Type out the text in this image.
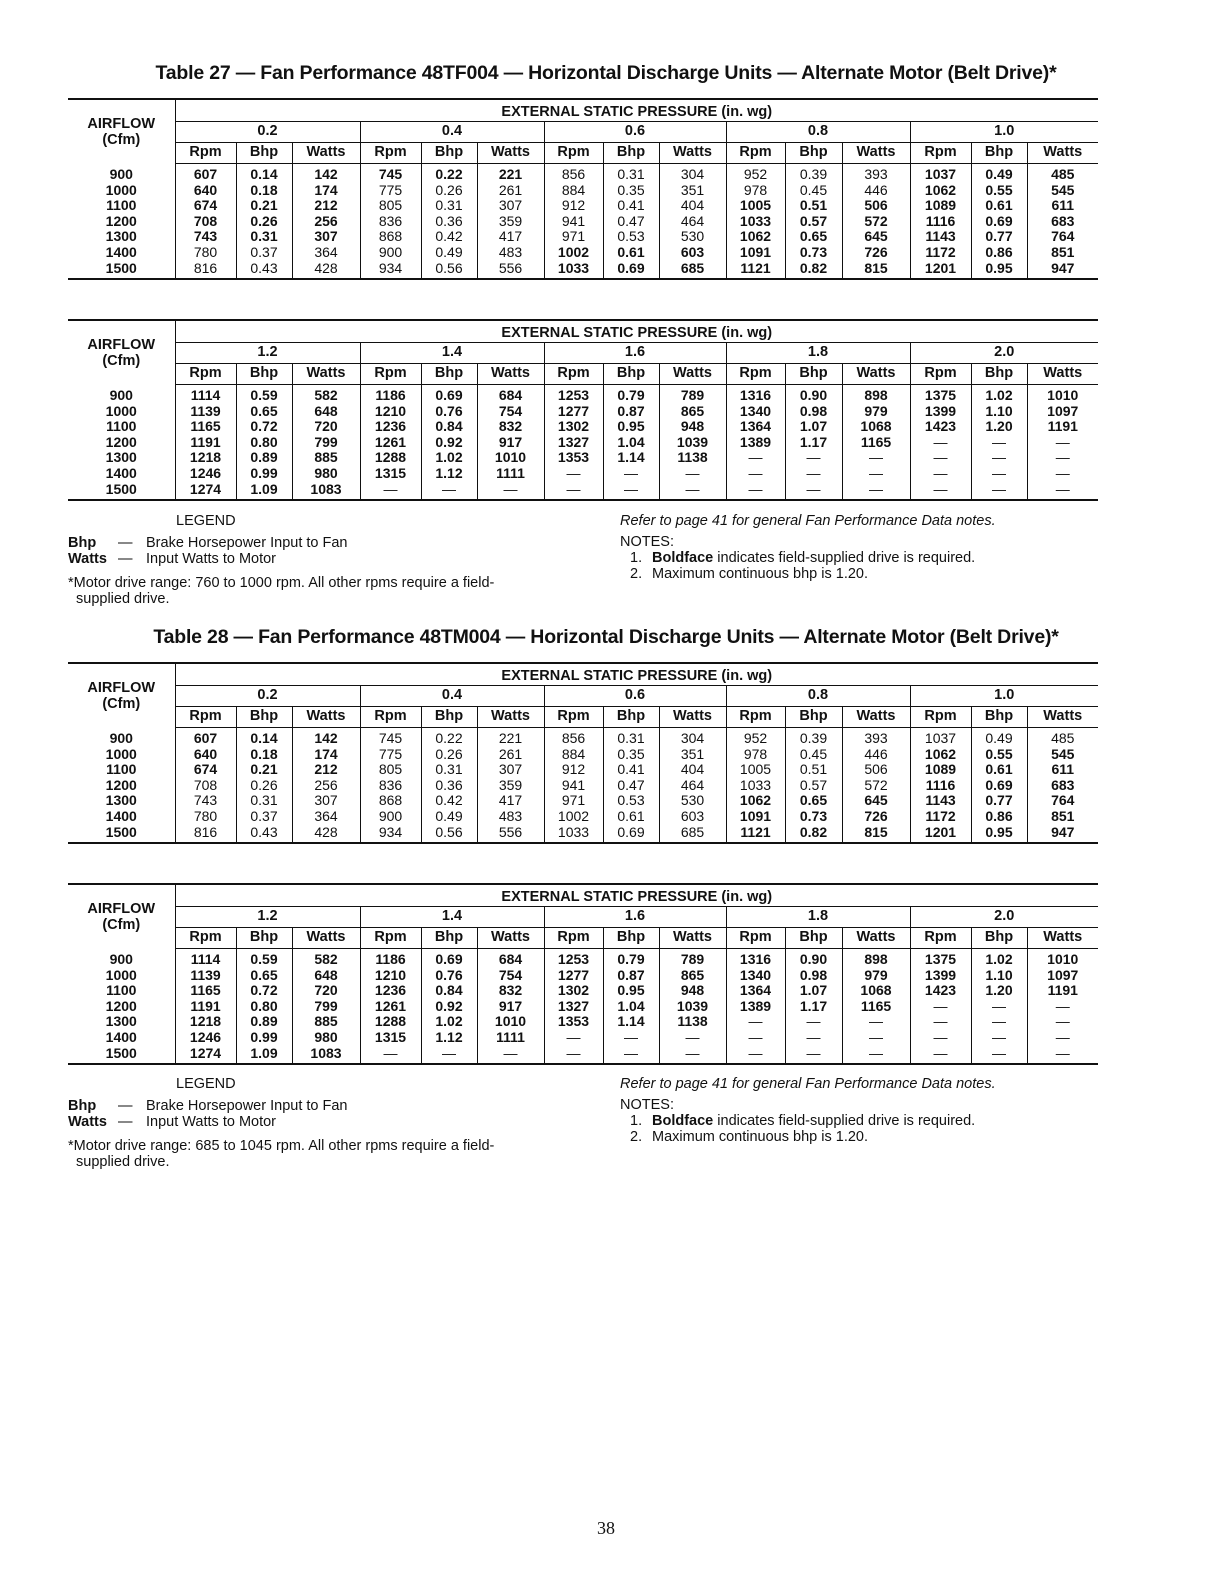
Table 27 — Fan Performance 48TF004 — Horizontal Discharge Units — Alternate Motor (Belt Drive)*
AIRFLOW
(Cfm)	EXTERNAL STATIC PRESSURE (in. wg)														
	0.2			0.4			0.6			0.8			1.0		
	Rpm	Bhp	Watts	Rpm	Bhp	Watts	Rpm	Bhp	Watts	Rpm	Bhp	Watts	Rpm	Bhp	Watts
900	607	0.14	142	745	0.22	221	856	0.31	304	952	0.39	393	1037	0.49	485
1000	640	0.18	174	775	0.26	261	884	0.35	351	978	0.45	446	1062	0.55	545
1100	674	0.21	212	805	0.31	307	912	0.41	404	1005	0.51	506	1089	0.61	611
1200	708	0.26	256	836	0.36	359	941	0.47	464	1033	0.57	572	1116	0.69	683
1300	743	0.31	307	868	0.42	417	971	0.53	530	1062	0.65	645	1143	0.77	764
1400	780	0.37	364	900	0.49	483	1002	0.61	603	1091	0.73	726	1172	0.86	851
1500	816	0.43	428	934	0.56	556	1033	0.69	685	1121	0.82	815	1201	0.95	947
AIRFLOW
(Cfm)	EXTERNAL STATIC PRESSURE (in. wg)														
	1.2			1.4			1.6			1.8			2.0		
	Rpm	Bhp	Watts	Rpm	Bhp	Watts	Rpm	Bhp	Watts	Rpm	Bhp	Watts	Rpm	Bhp	Watts
900	1114	0.59	582	1186	0.69	684	1253	0.79	789	1316	0.90	898	1375	1.02	1010
1000	1139	0.65	648	1210	0.76	754	1277	0.87	865	1340	0.98	979	1399	1.10	1097
1100	1165	0.72	720	1236	0.84	832	1302	0.95	948	1364	1.07	1068	1423	1.20	1191
1200	1191	0.80	799	1261	0.92	917	1327	1.04	1039	1389	1.17	1165	—	—	—
1300	1218	0.89	885	1288	1.02	1010	1353	1.14	1138	—	—	—	—	—	—
1400	1246	0.99	980	1315	1.12	1111	—	—	—	—	—	—	—	—	—
1500	1274	1.09	1083	—	—	—	—	—	—	—	—	—	—	—	—
LEGEND
Bhp	— Brake Horsepower Input to Fan
Watts — Input Watts to Motor
*Motor drive range: 760 to 1000 rpm. All other rpms require a field-
supplied drive.
Refer to page 41 for general Fan Performance Data notes.
NOTES:
1. Boldface indicates field-supplied drive is required.
2. Maximum continuous bhp is 1.20.
Table 28 — Fan Performance 48TM004 — Horizontal Discharge Units — Alternate Motor (Belt Drive)*
AIRFLOW
(Cfm)	EXTERNAL STATIC PRESSURE (in. wg)														
	0.2			0.4			0.6			0.8			1.0		
	Rpm	Bhp	Watts	Rpm	Bhp	Watts	Rpm	Bhp	Watts	Rpm	Bhp	Watts	Rpm	Bhp	Watts
900	607	0.14	142	745	0.22	221	856	0.31	304	952	0.39	393	1037	0.49	485
1000	640	0.18	174	775	0.26	261	884	0.35	351	978	0.45	446	1062	0.55	545
1100	674	0.21	212	805	0.31	307	912	0.41	404	1005	0.51	506	1089	0.61	611
1200	708	0.26	256	836	0.36	359	941	0.47	464	1033	0.57	572	1116	0.69	683
1300	743	0.31	307	868	0.42	417	971	0.53	530	1062	0.65	645	1143	0.77	764
1400	780	0.37	364	900	0.49	483	1002	0.61	603	1091	0.73	726	1172	0.86	851
1500	816	0.43	428	934	0.56	556	1033	0.69	685	1121	0.82	815	1201	0.95	947
AIRFLOW
(Cfm)	EXTERNAL STATIC PRESSURE (in. wg)														
	1.2			1.4			1.6			1.8			2.0		
	Rpm	Bhp	Watts	Rpm	Bhp	Watts	Rpm	Bhp	Watts	Rpm	Bhp	Watts	Rpm	Bhp	Watts
900	1114	0.59	582	1186	0.69	684	1253	0.79	789	1316	0.90	898	1375	1.02	1010
1000	1139	0.65	648	1210	0.76	754	1277	0.87	865	1340	0.98	979	1399	1.10	1097
1100	1165	0.72	720	1236	0.84	832	1302	0.95	948	1364	1.07	1068	1423	1.20	1191
1200	1191	0.80	799	1261	0.92	917	1327	1.04	1039	1389	1.17	1165	—	—	—
1300	1218	0.89	885	1288	1.02	1010	1353	1.14	1138	—	—	—	—	—	—
1400	1246	0.99	980	1315	1.12	1111	—	—	—	—	—	—	—	—	—
1500	1274	1.09	1083	—	—	—	—	—	—	—	—	—	—	—	—
LEGEND
Bhp	— Brake Horsepower Input to Fan
Watts — Input Watts to Motor
*Motor drive range: 685 to 1045 rpm. All other rpms require a field-
supplied drive.
Refer to page 41 for general Fan Performance Data notes.
NOTES:
1. Boldface indicates field-supplied drive is required.
2. Maximum continuous bhp is 1.20.
38
